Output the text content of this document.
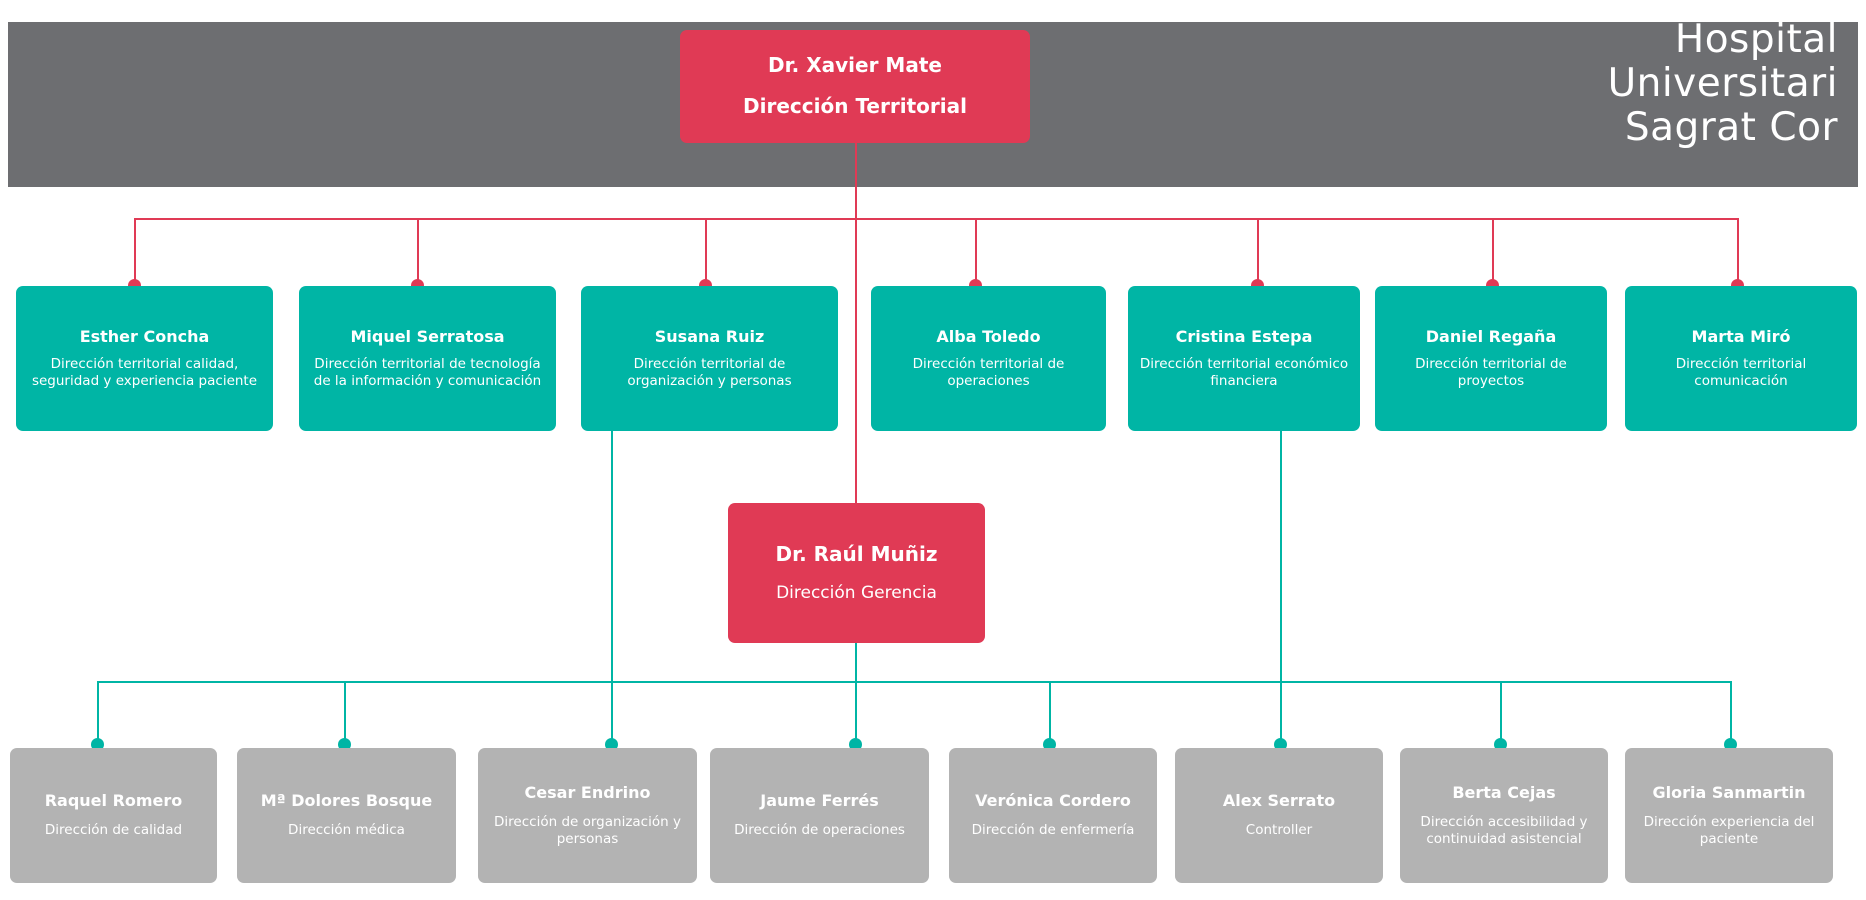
Hospital
Universitari
Sagrat Cor
Dr. Xavier Mate
Dirección Territorial
Esther Concha
Dirección territorial calidad, seguridad y experiencia paciente
Miquel Serratosa
Dirección territorial de tecnología de la información y comunicación
Susana Ruiz
Dirección territorial de organización y personas
Alba Toledo
Dirección territorial de operaciones
Cristina Estepa
Dirección territorial económico financiera
Daniel Regaña
Dirección territorial de proyectos
Marta Miró
Dirección territorial comunicación
Dr. Raúl Muñiz
Dirección Gerencia
Raquel Romero
Dirección de calidad
Mª Dolores Bosque
Dirección médica
Cesar Endrino
Dirección de organización y personas
Jaume Ferrés
Dirección de operaciones
Verónica Cordero
Dirección de enfermería
Alex Serrato
Controller
Berta Cejas
Dirección accesibilidad y continuidad asistencial
Gloria Sanmartin
Dirección experiencia del paciente
